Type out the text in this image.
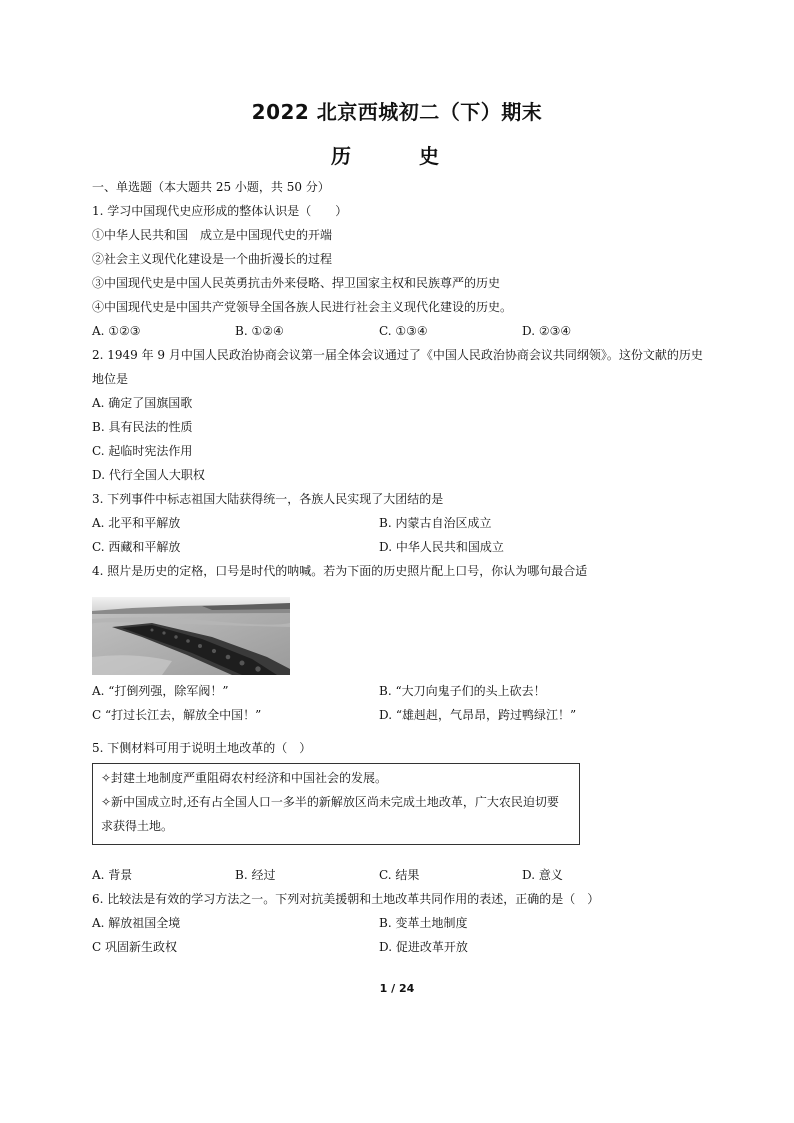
2022 北京西城初二（下）期末
历　史
一、单选题（本大题共 25 小题，共 50 分）
1. 学习中国现代史应形成的整体认识是（　　）
①中华人民共和国　成立是中国现代史的开端
②社会主义现代化建设是一个曲折漫长的过程
③中国现代史是中国人民英勇抗击外来侵略、捍卫国家主权和民族尊严的历史
④中国现代史是中国共产党领导全国各族人民进行社会主义现代化建设的历史。
A. ①②③	B. ①②④	C. ①③④	D. ②③④
2. 1949 年 9 月中国人民政治协商会议第一届全体会议通过了《中国人民政治协商会议共同纲领》。这份文献的历史
地位是
A. 确定了国旗国歌
B. 具有民法的性质
C. 起临时宪法作用
D. 代行全国人大职权
3. 下列事件中标志祖国大陆获得统一，各族人民实现了大团结的是
A. 北平和平解放	B. 内蒙古自治区成立
C. 西藏和平解放	D. 中华人民共和国成立
4. 照片是历史的定格，口号是时代的呐喊。若为下面的历史照片配上口号，你认为哪句最合适
A. “打倒列强，除军阀！”	B. “大刀向鬼子们的头上砍去！
C “打过长江去，解放全中国！”	D. “雄赳赳，气昂昂，跨过鸭绿江！”
5. 下侧材料可用于说明土地改革的（　）
✧封建土地制度严重阻碍农村经济和中国社会的发展。
✧新中国成立时,还有占全国人口一多半的新解放区尚未完成土地改革，广大农民迫切要
求获得土地。
A. 背景	B. 经过	C. 结果	D. 意义
6. 比较法是有效的学习方法之一。下列对抗美援朝和土地改革共同作用的表述，正确的是（　）
A. 解放祖国全境	B. 变革土地制度
C 巩固新生政权	D. 促进改革开放
1 / 24
